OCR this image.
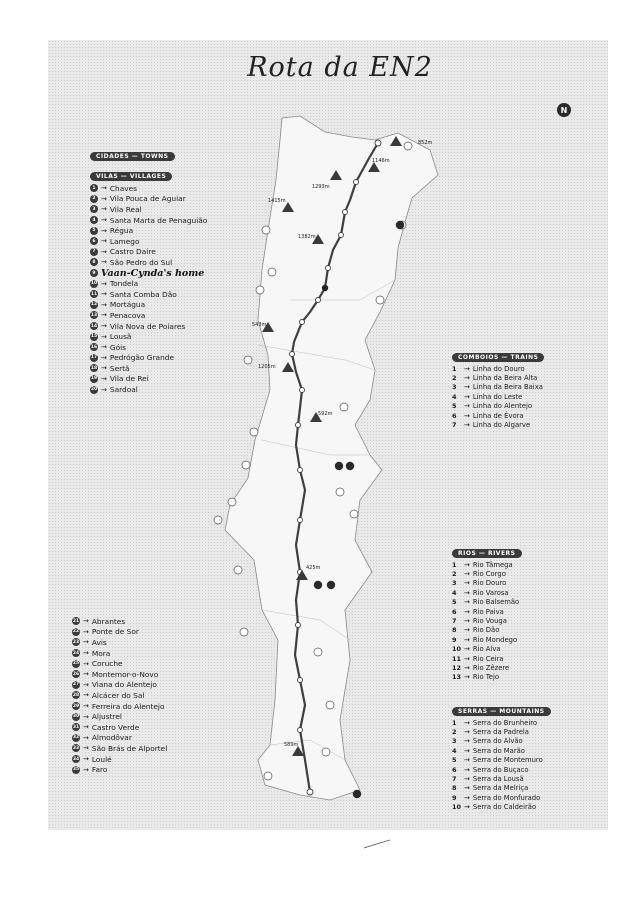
852m
1146m
1293m
1415m
1382m
543m
1205m
592m
425m
589m
Rota da EN2
N
CIDADES — TOWNS
VILAS — VILLAGES
1 → Chaves
2 → Vila Pouca de Aguiar
3 → Vila Real
4 → Santa Marta de Penaguião
5 → Régua
6 → Lamego
7 → Castro Daire
8 → São Pedro do Sul
9 Vaan-Cynda's home
10 → Tondela
11 → Santa Comba Dão
12 → Mortágua
13 → Penacova
14 → Vila Nova de Poiares
15 → Lousã
16 → Góis
17 → Pedrógão Grande
18 → Sertã
19 → Vila de Rei
20 → Sardoal
21 → Abrantes
22 → Ponte de Sor
23 → Avis
24 → Mora
25 → Coruche
26 → Montemor-o-Novo
27 → Viana do Alentejo
28 → Alcácer do Sal
29 → Ferreira do Alentejo
30 → Aljustrel
31 → Castro Verde
32 → Almodôvar
33 → São Brás de Alportel
34 → Loulé
35 → Faro
COMBOIOS — TRAINS
1	→ Linha do Douro
2	→ Linha da Beira Alta
3	→ Linha da Beira Baixa
4	→ Linha do Leste
5	→ Linha do Alentejo
6	→ Linha de Évora
7	→ Linha do Algarve
RIOS — RIVERS
1	→ Rio Tâmega
2	→ Rio Corgo
3	→ Rio Douro
4	→ Rio Varosa
5	→ Rio Balsemão
6	→ Rio Paiva
7	→ Rio Vouga
8	→ Rio Dão
9	→ Rio Mondego
10 → Rio Alva
11 → Rio Ceira
12 → Rio Zêzere
13 → Rio Tejo
SERRAS — MOUNTAINS
1	→ Serra do Brunheiro
2	→ Serra da Padrela
3	→ Serra do Alvão
4	→ Serra do Marão
5	→ Serra de Montemuro
6	→ Serra do Buçaco
7	→ Serra da Lousã
8	→ Serra da Melriça
9	→ Serra do Monfurado
10 → Serra do Caldeirão
